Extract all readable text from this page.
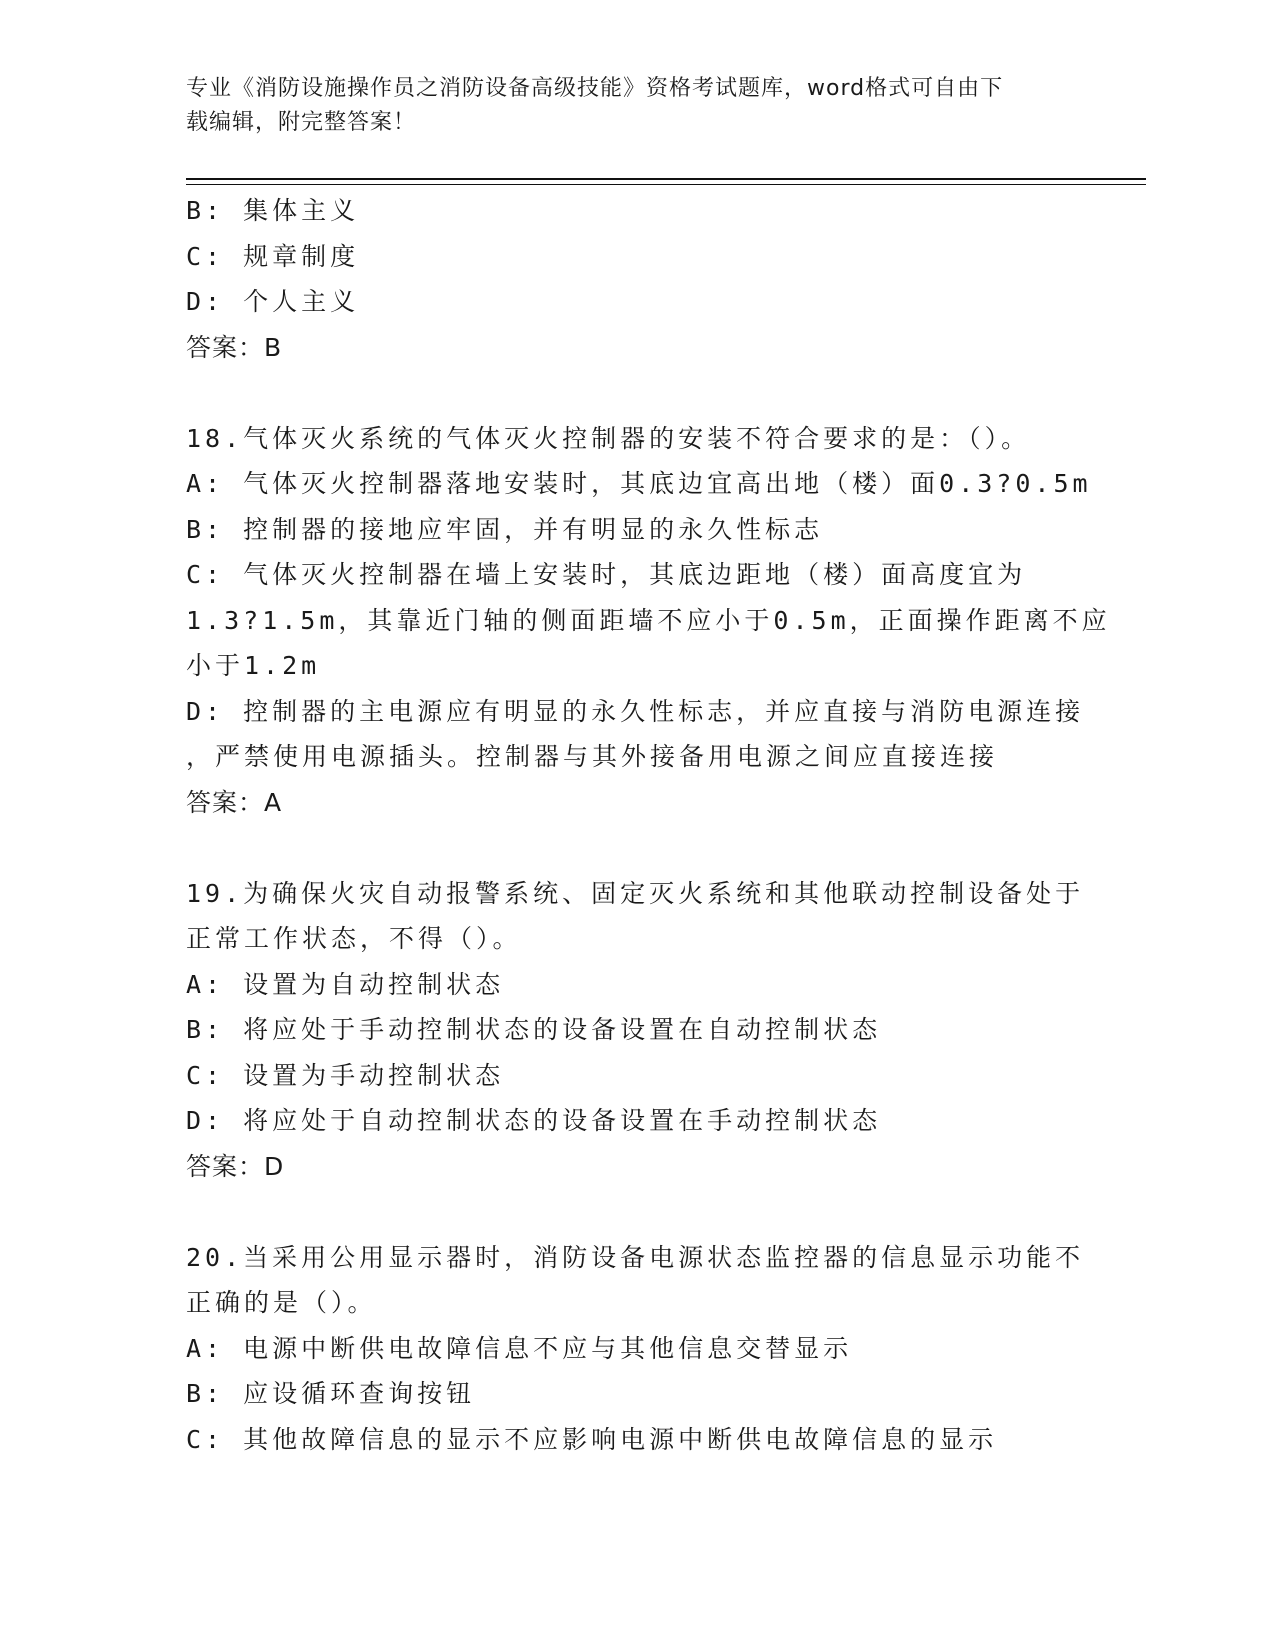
专业《消防设施操作员之消防设备高级技能》资格考试题库，word格式可自由下
载编辑，附完整答案！
B: 集体主义
C: 规章制度
D: 个人主义
答案：B
18.气体灭火系统的气体灭火控制器的安装不符合要求的是：（）。
A: 气体灭火控制器落地安装时，其底边宜高出地（楼）面0.3?0.5m
B: 控制器的接地应牢固，并有明显的永久性标志
C: 气体灭火控制器在墙上安装时，其底边距地（楼）面高度宜为
1.3?1.5m，其靠近门轴的侧面距墙不应小于0.5m，正面操作距离不应
小于1.2m
D: 控制器的主电源应有明显的永久性标志，并应直接与消防电源连接
，严禁使用电源插头。控制器与其外接备用电源之间应直接连接
答案：A
19.为确保火灾自动报警系统、固定灭火系统和其他联动控制设备处于
正常工作状态，不得（）。
A: 设置为自动控制状态
B: 将应处于手动控制状态的设备设置在自动控制状态
C: 设置为手动控制状态
D: 将应处于自动控制状态的设备设置在手动控制状态
答案：D
20.当采用公用显示器时，消防设备电源状态监控器的信息显示功能不
正确的是（）。
A: 电源中断供电故障信息不应与其他信息交替显示
B: 应设循环查询按钮
C: 其他故障信息的显示不应影响电源中断供电故障信息的显示
